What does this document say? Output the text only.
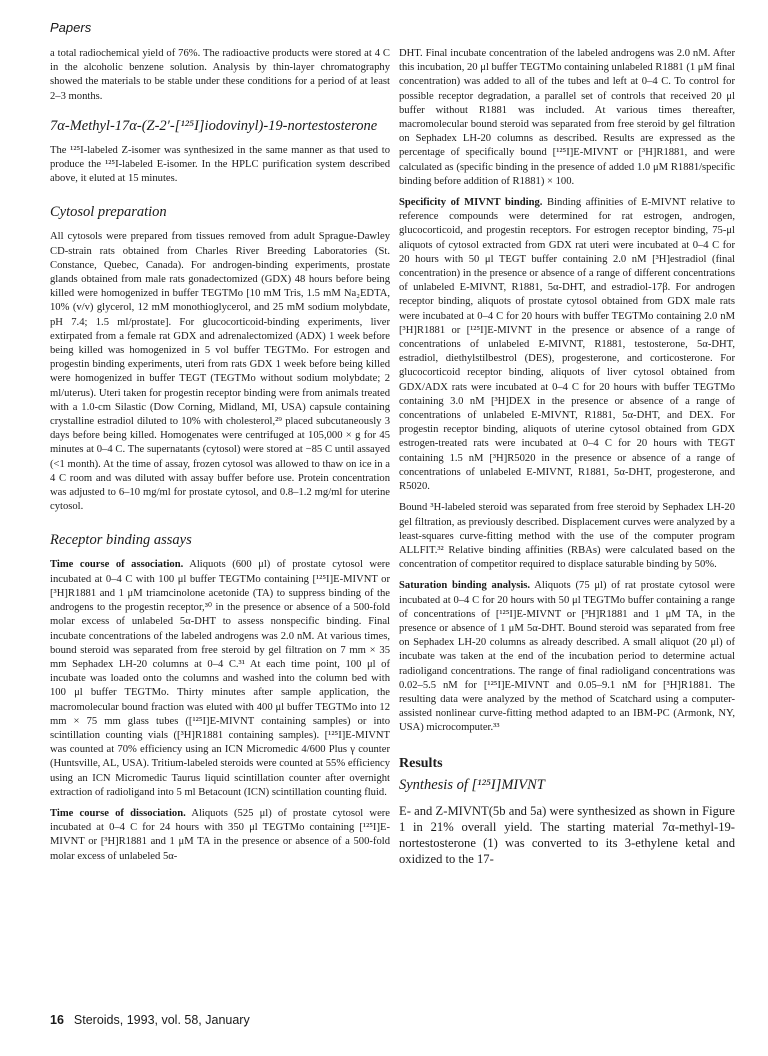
Papers

a total radiochemical yield of 76%. The radioactive products were stored at 4 C in the alcoholic benzene solution. Analysis by thin-layer chromatography showed the materials to be stable under these conditions for a period of at least 2–3 months.

7α-Methyl-17α-(Z-2′-[¹²⁵I]iodovinyl)-19-nortestosterone

The ¹²⁵I-labeled Z-isomer was synthesized in the same manner as that used to produce the ¹²⁵I-labeled E-isomer. In the HPLC purification system described above, it eluted at 15 minutes.

Cytosol preparation

All cytosols were prepared from tissues removed from adult Sprague-Dawley CD-strain rats obtained from Charles River Breeding Laboratories (St. Constance, Quebec, Canada). For androgen-binding experiments, prostate glands obtained from male rats gonadectomized (GDX) 48 hours before being killed were homogenized in buffer TEGTMo [10 mM Tris, 1.5 mM Na₂EDTA, 10% (v/v) glycerol, 12 mM monothioglycerol, and 25 mM sodium molybdate, pH 7.4; 1.5 ml/prostate]. For glucocorticoid-binding experiments, liver extirpated from a female rat GDX and adrenalectomized (ADX) 1 week before being killed was homogenized in 5 vol buffer TEGTMo. For estrogen and progestin binding experiments, uteri from rats GDX 1 week before being killed were homogenized in buffer TEGT (TEGTMo without sodium molybdate; 2 ml/uterus). Uteri taken for progestin receptor binding were from animals treated with a 1.0-cm Silastic (Dow Corning, Midland, MI, USA) capsule containing crystalline estradiol diluted to 10% with cholesterol,²⁹ placed subcutaneously 3 days before being killed. Homogenates were centrifuged at 105,000 × g for 45 minutes at 0–4 C. The supernatants (cytosol) were stored at −85 C until assayed (<1 month). At the time of assay, frozen cytosol was allowed to thaw on ice in a 4 C room and was diluted with assay buffer before use. Protein concentration was adjusted to 6–10 mg/ml for prostate cytosol, and 0.8–1.2 mg/ml for uterine cytosol.

Receptor binding assays

Time course of association. Aliquots (600 μl) of prostate cytosol were incubated at 0–4 C with 100 μl buffer TEGTMo containing [¹²⁵I]E-MIVNT or [³H]R1881 and 1 μM triamcinolone acetonide (TA) to suppress binding of the androgens to the progestin receptor,³⁰ in the presence or absence of a 500-fold molar excess of unlabeled 5α-DHT to assess nonspecific binding. Final incubate concentrations of the labeled androgens was 2.0 nM. At various times, bound steroid was separated from free steroid by gel filtration on 7 mm × 35 mm Sephadex LH-20 columns at 0–4 C.³¹ At each time point, 100 μl of incubate was loaded onto the columns and washed into the column bed with 100 μl buffer TEGTMo. Thirty minutes after sample application, the macromolecular bound fraction was eluted with 400 μl buffer TEGTMo into 12 mm × 75 mm glass tubes ([¹²⁵I]E-MIVNT containing samples) or into scintillation counting vials ([³H]R1881 containing samples). [¹²⁵I]E-MIVNT was counted at 70% efficiency using an ICN Micromedic 4/600 Plus γ counter (Huntsville, AL, USA). Tritium-labeled steroids were counted at 55% efficiency using an ICN Micromedic Taurus liquid scintillation counter after overnight extraction of radioligand into 5 ml Betacount (ICN) scintillation counting fluid.

Time course of dissociation. Aliquots (525 μl) of prostate cytosol were incubated at 0–4 C for 24 hours with 350 μl TEGTMo containing [¹²⁵I]E-MIVNT or [³H]R1881 and 1 μM TA in the presence or absence of a 500-fold molar excess of unlabeled 5α-

DHT. Final incubate concentration of the labeled androgens was 2.0 nM. After this incubation, 20 μl buffer TEGTMo containing unlabeled R1881 (1 μM final concentration) was added to all of the tubes and left at 0–4 C. To control for possible receptor degradation, a parallel set of controls that received 20 μl buffer without R1881 was included. At various times thereafter, macromolecular bound steroid was separated from free steroid by gel filtration on Sephadex LH-20 columns as described. Results are expressed as the percentage of specifically bound [¹²⁵I]E-MIVNT or [³H]R1881, and were calculated as (specific binding in the presence of added 1.0 μM R1881/specific binding before addition of R1881) × 100.

Specificity of MIVNT binding. Binding affinities of E-MIVNT relative to reference compounds were determined for rat estrogen, androgen, glucocorticoid, and progestin receptors. For estrogen receptor binding, 75-μl aliquots of cytosol extracted from GDX rat uteri were incubated at 0–4 C for 20 hours with 50 μl TEGT buffer containing 2.0 nM [³H]estradiol (final concentration) in the presence or absence of a range of different concentrations of unlabeled E-MIVNT, R1881, 5α-DHT, and estradiol-17β. For androgen receptor binding, aliquots of prostate cytosol obtained from GDX male rats were incubated at 0–4 C for 20 hours with buffer TEGTMo containing 2.0 nM [³H]R1881 or [¹²⁵I]E-MIVNT in the presence or absence of a range of concentrations of unlabeled E-MIVNT, R1881, testosterone, 5α-DHT, estradiol, diethylstilbestrol (DES), progesterone, and corticosterone. For glucocorticoid receptor binding, aliquots of liver cytosol obtained from GDX/ADX rats were incubated at 0–4 C for 20 hours with buffer TEGTMo containing 3.0 nM [³H]DEX in the presence or absence of a range of concentrations of unlabeled E-MIVNT, R1881, 5α-DHT, and DEX. For progestin receptor binding, aliquots of uterine cytosol obtained from GDX estrogen-treated rats were incubated at 0–4 C for 20 hours with TEGT containing 1.5 nM [³H]R5020 in the presence or absence of a range of concentrations of unlabeled E-MIVNT, R1881, 5α-DHT, progesterone, and R5020.

Bound ³H-labeled steroid was separated from free steroid by Sephadex LH-20 gel filtration, as previously described. Displacement curves were analyzed by a least-squares curve-fitting method with the use of the computer program ALLFIT.³² Relative binding affinities (RBAs) were calculated based on the concentration of competitor required to displace saturable binding by 50%.

Saturation binding analysis. Aliquots (75 μl) of rat prostate cytosol were incubated at 0–4 C for 20 hours with 50 μl TEGTMo buffer containing a range of concentrations of [¹²⁵I]E-MIVNT or [³H]R1881 and 1 μM TA, in the presence or absence of 1 μM 5α-DHT. Bound steroid was separated from free on Sephadex LH-20 columns as already described. A small aliquot (20 μl) of incubate was taken at the end of the incubation period to determine actual radioligand concentrations. The range of final radioligand concentrations was 0.02–5.5 nM for [¹²⁵I]E-MIVNT and 0.05–9.1 nM for [³H]R1881. The resulting data were analyzed by the method of Scatchard using a computer-assisted nonlinear curve-fitting method adapted to an IBM-PC (Armonk, NY, USA) microcomputer.³³

Results
Synthesis of [¹²⁵I]MIVNT

E- and Z-MIVNT(5b and 5a) were synthesized as shown in Figure 1 in 21% overall yield. The starting material 7α-methyl-19-nortestosterone (1) was converted to its 3-ethylene ketal and oxidized to the 17-

16 Steroids, 1993, vol. 58, January
